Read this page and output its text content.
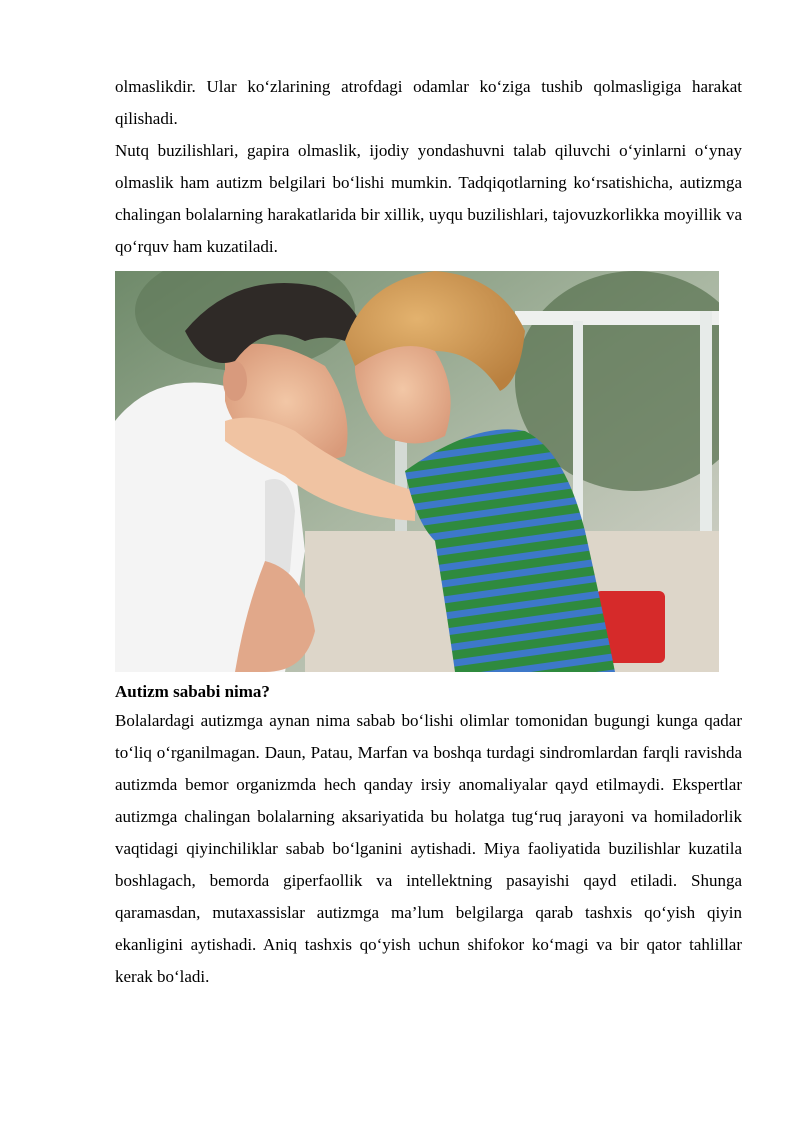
olmaslikdir. Ular ko‘zlarining atrofdagi odamlar ko‘ziga tushib qolmasligiga harakat qilishadi.

Nutq buzilishlari, gapira olmaslik, ijodiy yondashuvni talab qiluvchi o‘yinlarni o‘ynay olmaslik ham autizm belgilari bo‘lishi mumkin. Tadqiqotlarning ko‘rsatishicha, autizmga chalingan bolalarning harakatlarida bir xillik, uyqu buzilishlari, tajovuzkorlikka moyillik va qo‘rquv ham kuzatiladi.

Autizm sababi nima?

Bolalardagi autizmga aynan nima sabab bo‘lishi olimlar tomonidan bugungi kunga qadar to‘liq o‘rganilmagan. Daun, Patau, Marfan va boshqa turdagi sindromlardan farqli ravishda autizmda bemor organizmda hech qanday irsiy anomaliyalar qayd etilmaydi. Ekspertlar autizmga chalingan bolalarning aksariyatida bu holatga tug‘ruq jarayoni va homiladorlik vaqtidagi qiyinchiliklar sabab bo‘lganini aytishadi. Miya faoliyatida buzilishlar kuzatila boshlagach, bemorda giperfaollik va intellektning pasayishi qayd etiladi. Shunga qaramasdan, mutaxassislar autizmga ma’lum belgilarga qarab tashxis qo‘yish qiyin ekanligini aytishadi. Aniq tashxis qo‘yish uchun shifokor ko‘magi va bir qator tahlillar kerak bo‘ladi.
